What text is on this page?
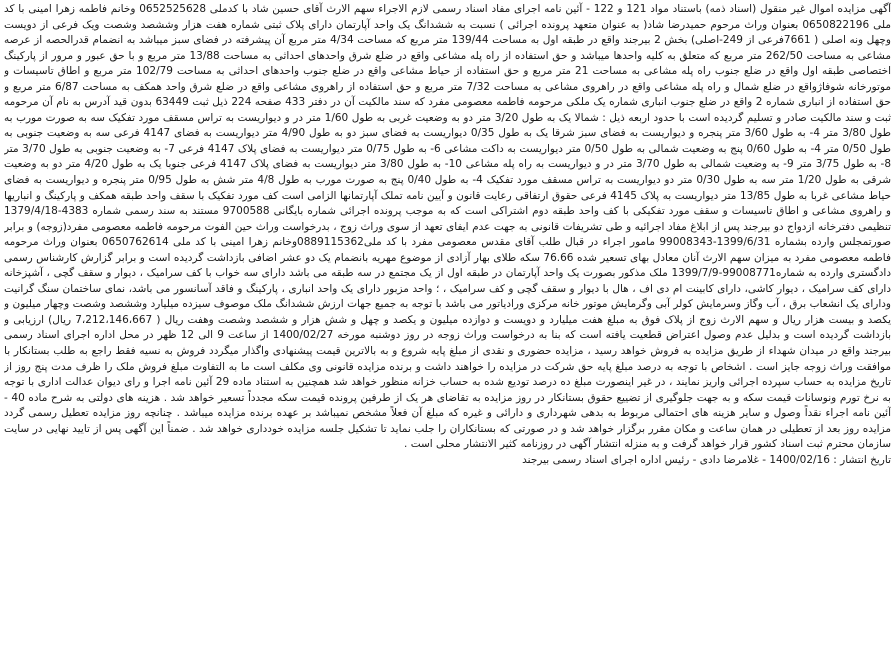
آگهی مزایده اموال غیر منقول (اسناد ذمه) باستناد مواد 121 و 122 - آئین نامه اجرای مفاد اسناد رسمی لازم الاجراء سهم الارث آقای حسین شاد با کدملی 0652525628 وخانم فاطمه زهرا امینی با کد ملی 0650822196 بعنوان وراث مرحوم حمیدرضا شاد( به عنوان متعهد پرونده اجرائی ) نسبت به ششدانگ یک واحد آپارتمان دارای پلاک ثبتی شماره هفت هزار وششصد وشصت ویک فرعی از دویست وچهل ونه اصلی ( 7661فرعی از 249-اصلی) بخش 2 بیرجند واقع در طبقه اول به مساحت 139/44 متر مربع که مساحت 4/34 متر مربع آن پیشرفته در فضای سبز میباشد به انضمام قدرالحصه از عرصه مشاعی به مساحت 262/50 متر مربع که متعلق به کلیه واحدها میباشد و حق استفاده از راه پله مشاعی واقع در ضلع شرق واحدهای احداثی به مساحت 13/88 متر مربع و با حق عبور و مرور از پارکینگ اختصاصی طبقه اول واقع در ضلع جنوب راه پله مشاعی به مساحت 21 متر مربع و حق استفاده از حیاط مشاعی واقع در ضلع جنوب واحدهای احداثی به مساحت 102/79 متر مربع و اطاق تاسیسات و موتورخانه شوفاژواقع در ضلع شمال و راه پله مشاعی واقع در راهروی مشاعی به مساحت 7/32 متر مربع و حق استفاده از راهروی مشاعی واقع در ضلع شرق واحد همکف به مساحت 6/87 متر مربع و حق استفاده از انباری شماره 2 واقع در ضلع جنوب انباری شماره یک ملکی مرحومه فاطمه معصومی مفرد که سند مالکیت آن در دفتر 433 صفحه 224 ذیل ثبت 63449 بدون قید آدرس به نام آن مرحومه ثبت و سند مالکیت صادر و تسلیم گردیده است با حدود اربعه ذیل : شمالا یک به طول 3/20 متر دو به وضعیت غربی به طول 1/60 متر در و دیواریست به تراس مسقف مورد تفکیک سه به صورت مورب به طول 3/80 متر 4- به طول 3/60 متر پنجره و دیواریست به فضای سبز شرقا یک به طول 0/35 دیواریست به فضای سبز دو به طول 4/90 متر دیواریست به فضای 4147 فرعی سه به وضعیت جنوبی به طول 0/50 متر 4- به طول 0/60 پنج به وضعیت شمالی به طول 0/50 متر دیواریست به داکت مشاعی 6- به طول 0/75 متر دیواریست به فضای پلاک 4147 فرعی 7- به وضعیت جنوبی به طول 3/70 متر 8- به طول 3/75 متر 9- به وضعیت شمالی به طول 3/70 متر در و دیواریست به راه پله مشاعی 10- به طول 3/80 متر دیواریست به فضای پلاک 4147 فرعی جنوبا یک به طول 4/20 متر دو به وضعیت شرقی به طول 1/20 متر سه به طول 0/30 متر دو دیواریست به تراس مسقف مورد تفکیک 4- به طول 0/40 پنج به صورت مورب به طول 4/8 متر شش به طول 0/95 متر پنجره و دیواریست به فضای حیاط مشاعی غربا به طول 13/85 متر دیواریست به پلاک 4145 فرعی حقوق ارتفاقی رعایت قانون و آیین نامه تملک آپارتمانها الزامی است کف مورد تفکیک با سقف واحد طبقه همکف و پارکینگ و انباریها و راهروی مشاعی و اطاق تاسیسات و سقف مورد تفکیکی با کف واحد طبقه دوم اشتراکی است که به موجب پرونده اجرائی شماره بایگانی 9700588 مستند به سند رسمی شماره 4383-1379/4/18 تنظیمی دفترخانه ازدواج دو بیرجند پس از ابلاغ مفاد اجرائیه و طی تشریفات قانونی به جهت عدم ایفای تعهد از سوی وراث زوج ، بدرخواست وراث حین الفوت مرحومه فاطمه معصومی مفرد(زوجه) و برابر صورتمجلس وارده بشماره 1399/6/31-99008343 مامور اجراء در قبال طلب آقای مقدس معصومی مفرد با کد ملی0889115362وخانم زهرا امینی با کد ملی 0650762614 بعنوان وراث مرحومه فاطمه معصومی مفرد به میزان سهم الارث آنان معادل بهای تسعیر شده 76.66 سکه طلای بهار آزادی از موضوع مهریه بانضمام یک دو عشر اضافی بازداشت گردیده است و برابر گزارش کارشناس رسمی دادگستری وارده به شماره99008771-1399/7/9 ملک مذکور بصورت یک واحد آپارتمان در طبقه اول از یک مجتمع در سه طبقه می باشد دارای سه خواب با کف سرامیک ، دیوار و سقف گچی ، آشپزخانه دارای کف سرامیک ، دیوار کاشی، دارای کابینت ام دی اف ، هال با دیوار و سقف گچی و کف سرامیک ، ؛ واحد مزبور دارای یک واحد انباری ، پارکینگ و فاقد آسانسور می باشد، نمای ساختمان سنگ گرانیت ودارای یک انشعاب برق ، آب وگاز وسرمایش کولر آبی وگرمایش موتور خانه مرکزی ورادیاتور می باشد با توجه به جمیع جهات ارزش ششدانگ ملک موصوف سیزده میلیارد وششصد وشصت وچهار میلیون و یکصد و بیست هزار ریال و سهم الارث زوج از پلاک فوق به مبلغ هفت میلیارد و دویست و دوازده میلیون و یکصد و چهل و شش هزار و ششصد وشصت وهفت ریال ( 7،212،146،667 ریال) ارزیابی و بازداشت گردیده است و بدلیل عدم وصول اعتراض قطعیت یافته است که بنا به درخواست وراث زوجه در روز دوشنبه مورخه 1400/02/27 از ساعت 9 الی 12 ظهر در محل اداره اجرای اسناد رسمی بیرجند واقع در میدان شهداء از طریق مزایده به فروش خواهد رسید ، مزایده حضوری و نقدی از مبلغ پایه شروع و به بالاترین قیمت پیشنهادی واگذار میگردد فروش به نسیه فقط راجع به طلب بستانکار با موافقت وراث زوجه جایز است . اشخاص با توجه به درصد مبلغ پایه حق شرکت در مزایده را خواهند داشت و برنده مزایده قانونی وی مکلف است ما به التفاوت مبلغ فروش ملک را ظرف مدت پنج روز از تاریخ مزایده به حساب سپرده اجرائی واریز نمایند ، در غیر اینصورت مبلغ ده درصد تودیع شده به حساب خزانه منظور خواهد شد همچنین به استناد ماده 29 آئین نامه اجرا و رای دیوان عدالت اداری با توجه به نرخ تورم ونوسانات قیمت سکه و به جهت جلوگیری از تضییع حقوق بستانکار در روز مزایده به تقاضای هر یک از طرفین پرونده قیمت سکه مجدداً تسعیر خواهد شد . هزینه های دولتی به شرح ماده 40 - آئین نامه اجراء نقداً وصول و سایر هزینه های احتمالی مربوط به بدهی شهرداری و دارائی و غیره که مبلغ آن فعلاً مشخص نمیباشد بر عهده برنده مزایده میباشد . چنانچه روز مزایده تعطیل رسمی گردد مزایده روز بعد از تعطیلی در همان ساعت و مکان مقرر برگزار خواهد شد و در صورتی که بستانکاران را جلب نماید تا تشکیل جلسه مزایده خودداری خواهد شد . ضمناً این آگهی پس از تایید نهایی در سایت سازمان محترم ثبت اسناد کشور قرار خواهد گرفت و به منزله انتشار آگهی در روزنامه کثیر الانتشار محلی است .

تاریخ انتشار : 1400/02/16 - غلامرضا دادی - رئیس اداره اجرای اسناد رسمی بیرجند
